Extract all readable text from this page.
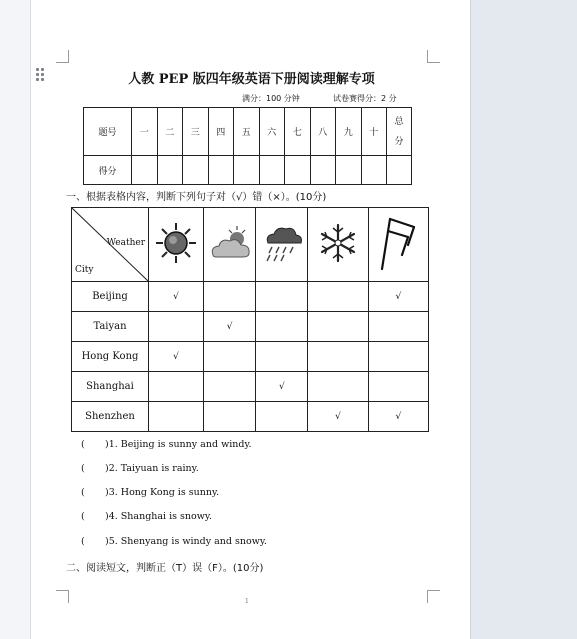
人教 PEP 版四年级英语下册阅读理解专项
满分：100 分钟	试卷赛得分：2 分
题号	一	二	三	四	五	六	七	八	九	十	总
分
得分											
一、根据表格内容，判断下列句子对（√）错（×）。(10分)
Weather
City

Beijing	√				√
Taiyan		√			
Hong Kong	√				
Shanghai			√		
Shenzhen				√	√
( )1. Beijing is sunny and windy.
( )2. Taiyuan is rainy.
( )3. Hong Kong is sunny.
( )4. Shanghai is snowy.
( )5. Shenyang is windy and snowy.
二、阅读短文，判断正（T）误（F）。(10分)
1
